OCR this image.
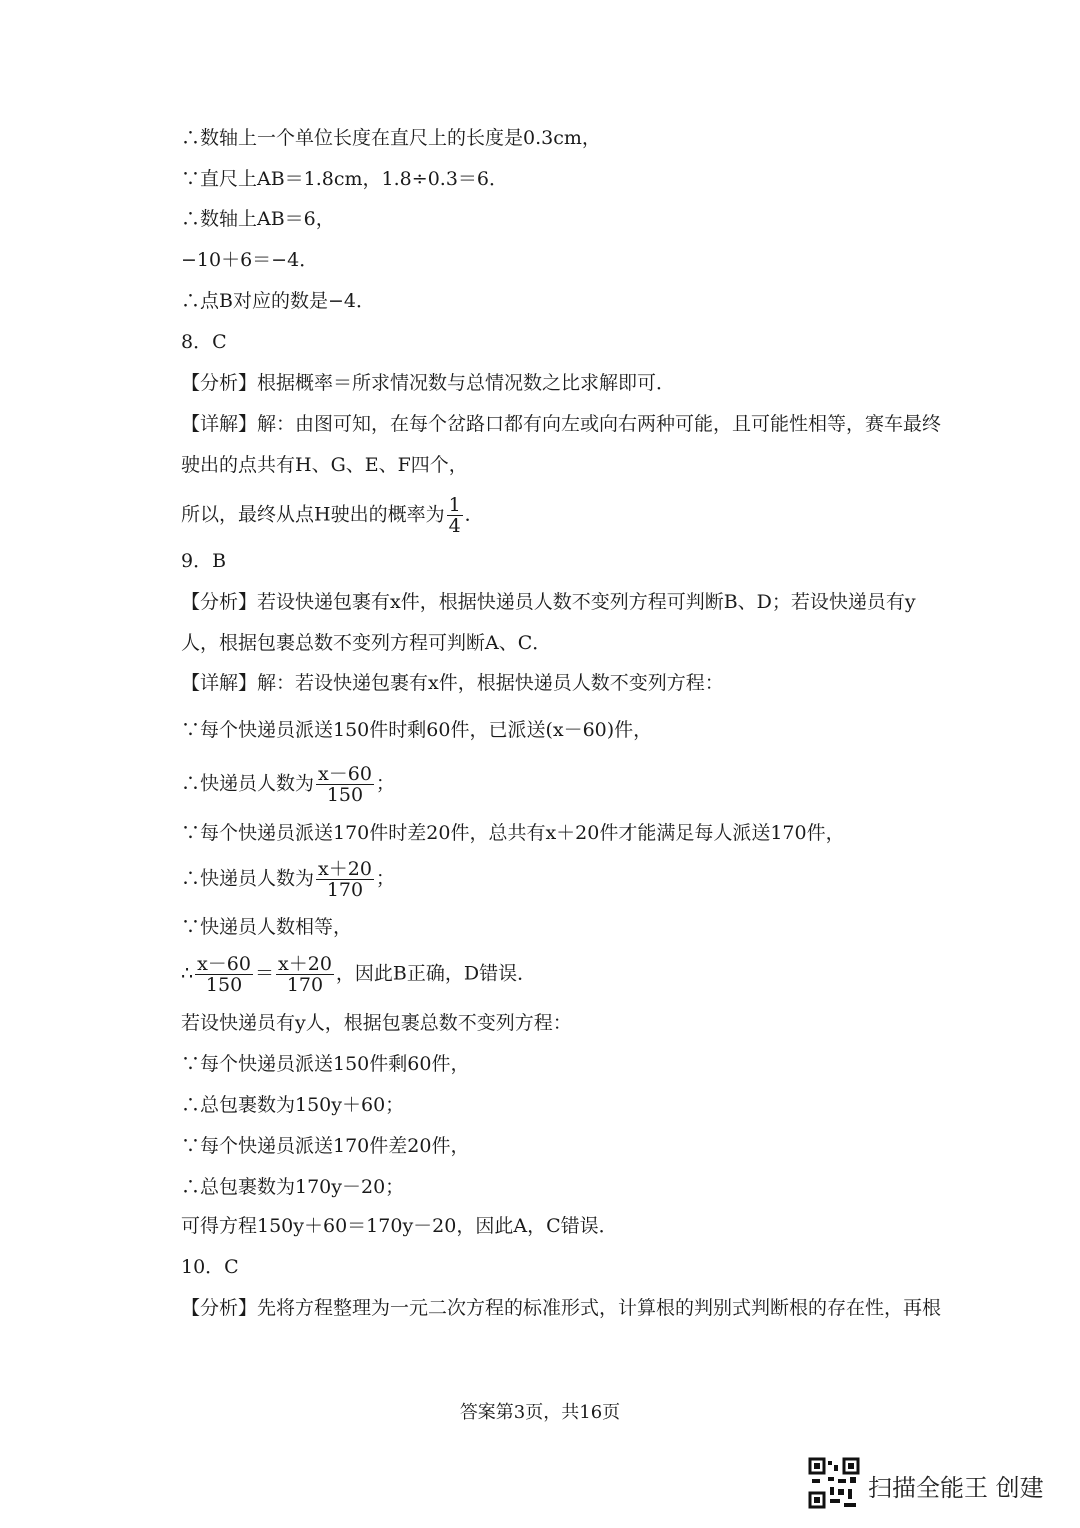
∴数轴上一个单位长度在直尺上的长度是0.3cm，
∵直尺上AB＝1.8cm，1.8÷0.3＝6．
∴数轴上AB＝6，
−10＋6＝−4．
∴点B对应的数是−4．
8．C
【分析】根据概率＝所求情况数与总情况数之比求解即可．
【详解】解：由图可知，在每个岔路口都有向左或向右两种可能，且可能性相等，赛车最终
驶出的点共有H、G、E、F四个，
9．B
【分析】若设快递包裹有x件，根据快递员人数不变列方程可判断B、D；若设快递员有y
人，根据包裹总数不变列方程可判断A、C．
【详解】解：若设快递包裹有x件，根据快递员人数不变列方程：
∵每个快递员派送150件时剩60件，已派送(x－60)件，
∵每个快递员派送170件时差20件，总共有x＋20件才能满足每人派送170件，
∵快递员人数相等，
若设快递员有y人，根据包裹总数不变列方程：
∵每个快递员派送150件剩60件，
∴总包裹数为150y＋60；
∵每个快递员派送170件差20件，
∴总包裹数为170y－20；
可得方程150y＋60＝170y－20，因此A，C错误．
10．C
【分析】先将方程整理为一元二次方程的标准形式，计算根的判别式判断根的存在性，再根
所以，最终从点H驶出的概率为 $\frac{1}{4}$ ．
∴快递员人数为 $\frac{x-60}{150}$ ；
∴快递员人数为 $\frac{x+20}{170}$ ；
∴ $\frac{x-60}{150} = \frac{x+20}{170}$ ，因此B正确，D错误．
答案第3页，共16页
扫描全能王 创建
